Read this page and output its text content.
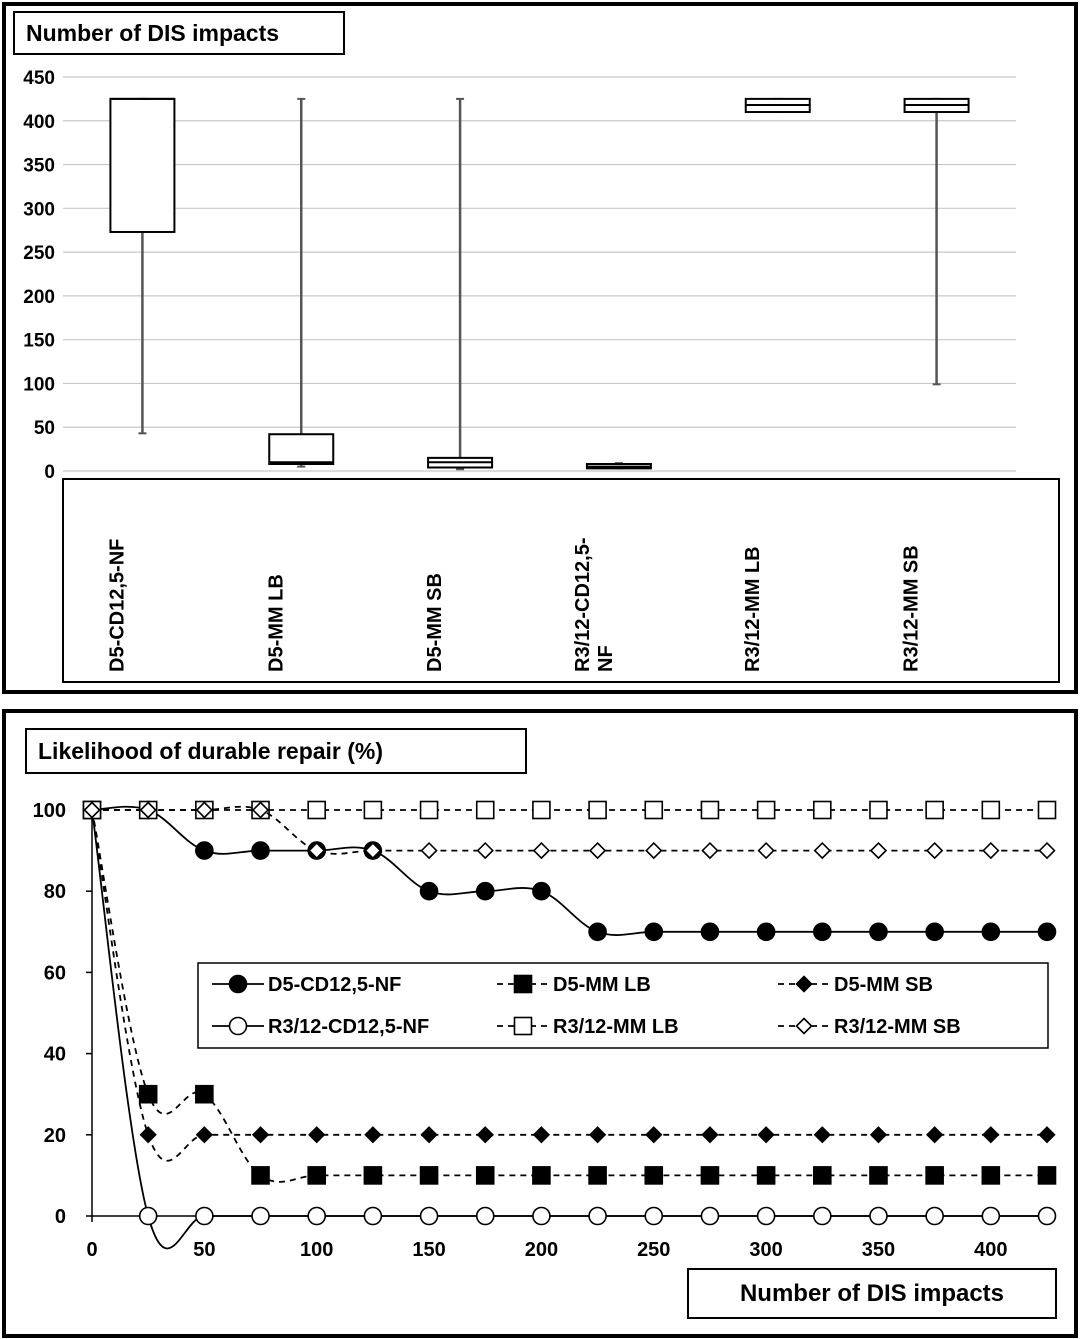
Number of DIS impacts
0
50
100
150
200
250
300
350
400
450
D5-CD12,5-NF	D5-MM LB	D5-MM SB	R3/12-CD12,5-NF	R3/12-MM LB	R3/12-MM SB
Likelihood of durable repair (%)
0
20
40
60
80
100
0	50	100	150	200	250	300	350	400
Number of DIS impacts
D5-CD12,5-NF	D5-MM LB	D5-MM SB
R3/12-CD12,5-NF	R3/12-MM LB	R3/12-MM SB
